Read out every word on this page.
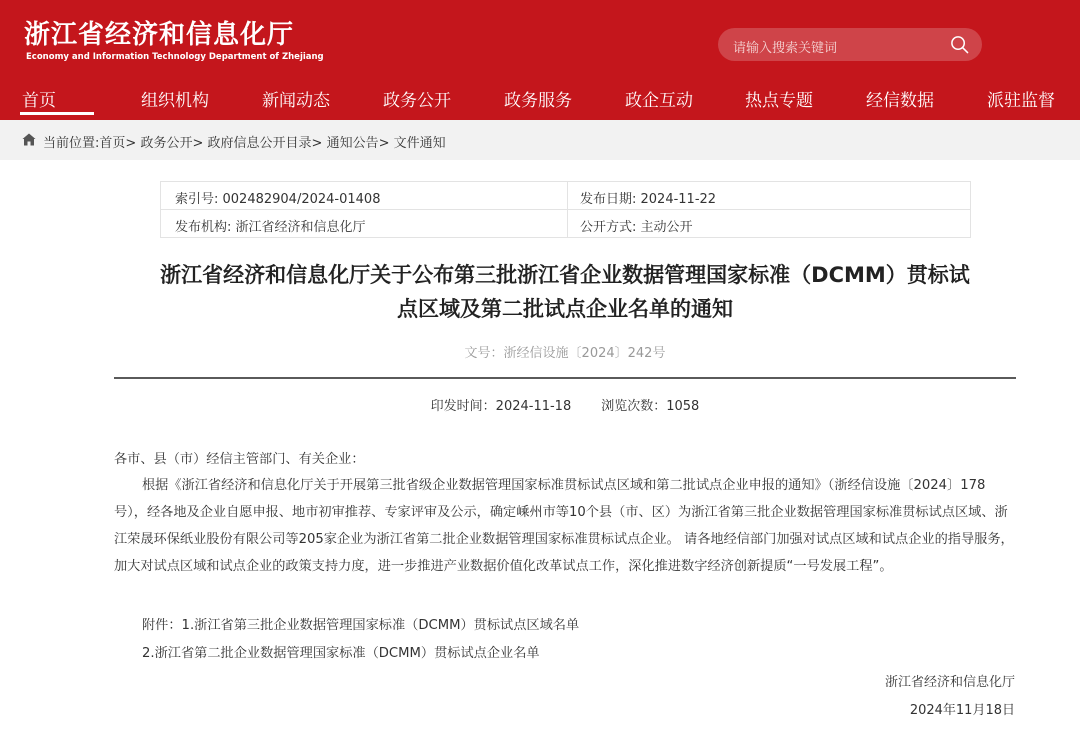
浙江省经济和信息化厅
Economy and Information Technology Department of Zhejiang
请输入搜索关键词
首页	组织机构	新闻动态	政务公开	政务服务	政企互动	热点专题	经信数据	派驻监督
当前位置:首页> 政务公开> 政府信息公开目录> 通知公告> 文件通知
索引号: 002482904/2024-01408	发布日期: 2024-11-22
发布机构: 浙江省经济和信息化厅	公开方式: 主动公开
浙江省经济和信息化厅关于公布第三批浙江省企业数据管理国家标准（DCMM）贯标试
点区域及第二批试点企业名单的通知
文号：浙经信设施〔2024〕242号
印发时间：2024-11-18 浏览次数：1058
各市、县（市）经信主管部门、有关企业：
根据《浙江省经济和信息化厅关于开展第三批省级企业数据管理国家标准贯标试点区域和第二批试点企业申报的通知》（浙经信设施〔2024〕178号），经各地及企业自愿申报、地市初审推荐、专家评审及公示，确定嵊州市等10个县（市、区）为浙江省第三批企业数据管理国家标准贯标试点区域、浙江荣晟环保纸业股份有限公司等205家企业为浙江省第二批企业数据管理国家标准贯标试点企业。 请各地经信部门加强对试点区域和试点企业的指导服务，加大对试点区域和试点企业的政策支持力度，进一步推进产业数据价值化改革试点工作，深化推进数字经济创新提质“一号发展工程”。
附件：1.浙江省第三批企业数据管理国家标准（DCMM）贯标试点区域名单
2.浙江省第二批企业数据管理国家标准（DCMM）贯标试点企业名单
浙江省经济和信息化厅
2024年11月18日
